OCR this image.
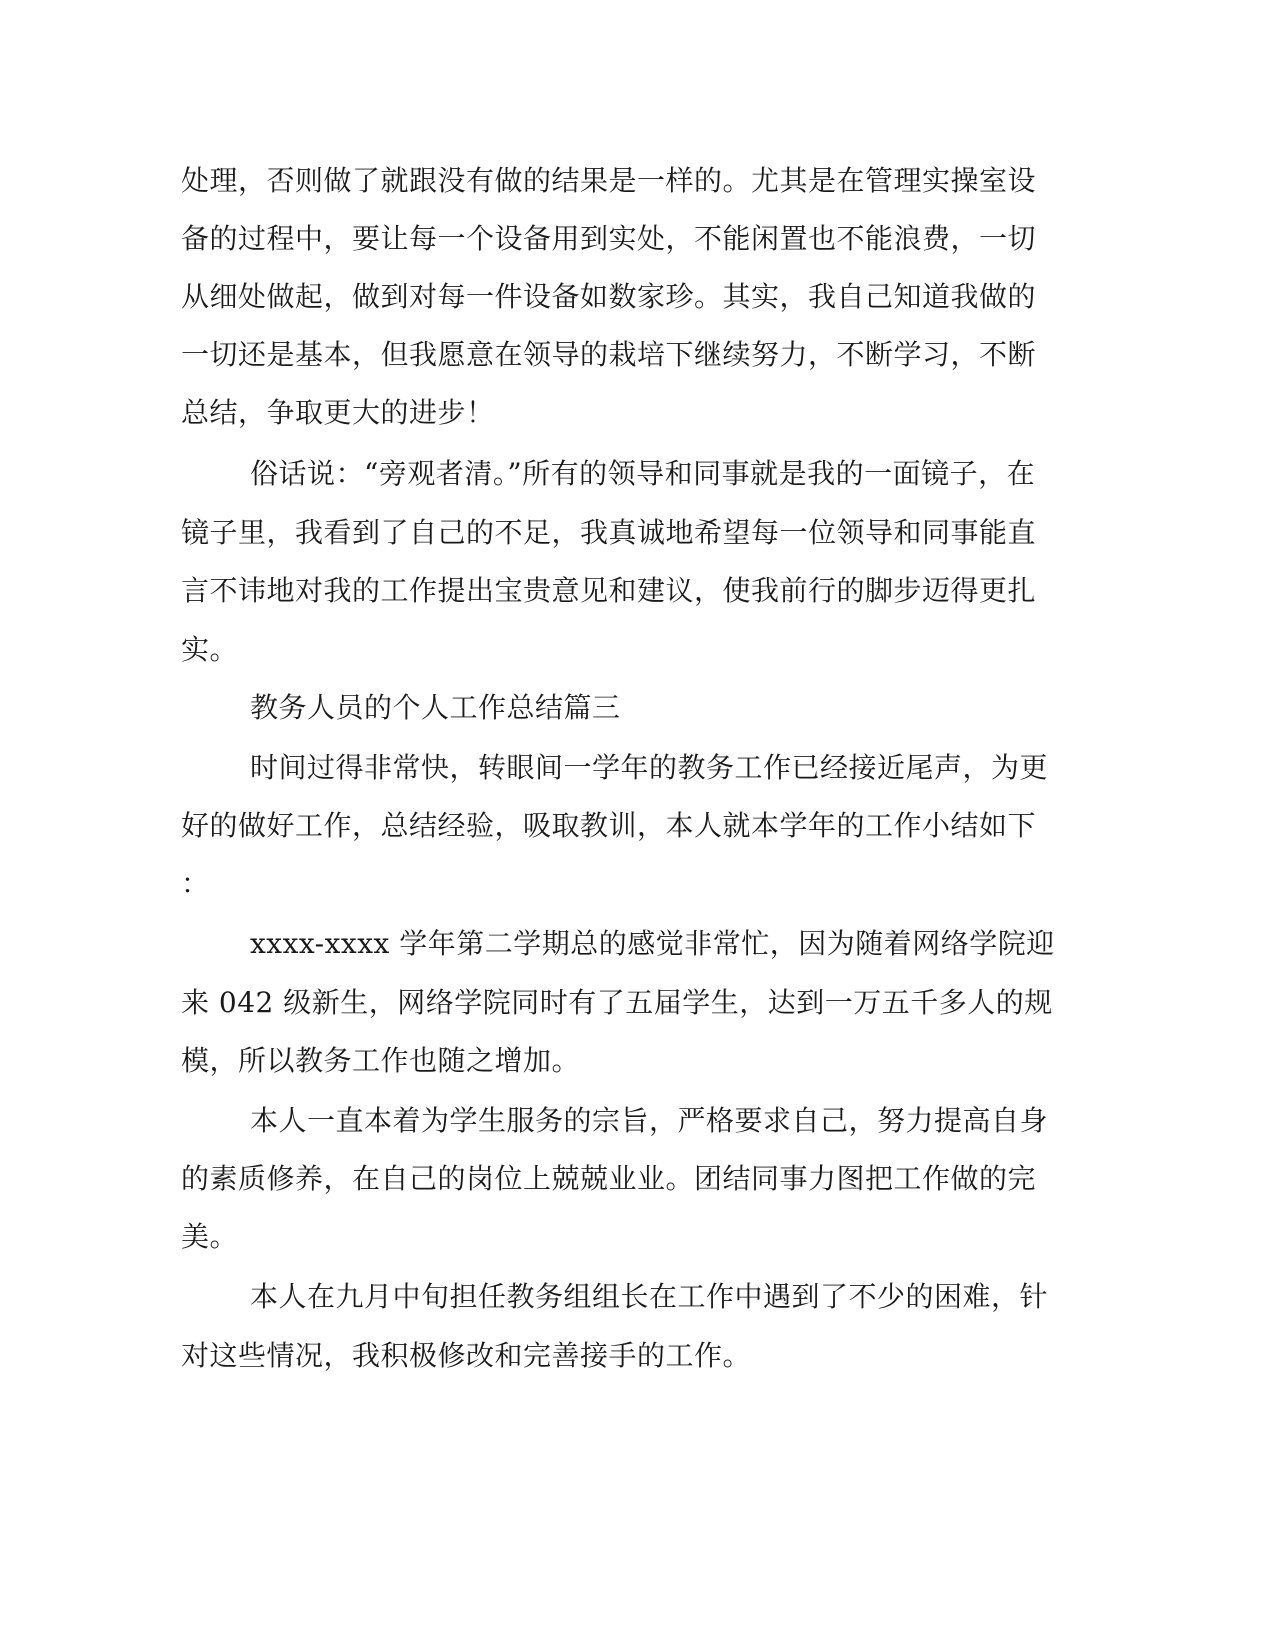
处理，否则做了就跟没有做的结果是一样的。尤其是在管理实操室设
备的过程中，要让每一个设备用到实处，不能闲置也不能浪费，一切
从细处做起，做到对每一件设备如数家珍。其实，我自己知道我做的
一切还是基本，但我愿意在领导的栽培下继续努力，不断学习，不断
总结，争取更大的进步！
俗话说：“旁观者清。”所有的领导和同事就是我的一面镜子，在
镜子里，我看到了自己的不足，我真诚地希望每一位领导和同事能直
言不讳地对我的工作提出宝贵意见和建议，使我前行的脚步迈得更扎
实。
教务人员的个人工作总结篇三
时间过得非常快，转眼间一学年的教务工作已经接近尾声，为更
好的做好工作，总结经验，吸取教训，本人就本学年的工作小结如下
：
xxxx-xxxx 学年第二学期总的感觉非常忙，因为随着网络学院迎
来 042 级新生，网络学院同时有了五届学生，达到一万五千多人的规
模，所以教务工作也随之增加。
本人一直本着为学生服务的宗旨，严格要求自己，努力提高自身
的素质修养，在自己的岗位上兢兢业业。团结同事力图把工作做的完
美。
本人在九月中旬担任教务组组长在工作中遇到了不少的困难，针
对这些情况，我积极修改和完善接手的工作。
